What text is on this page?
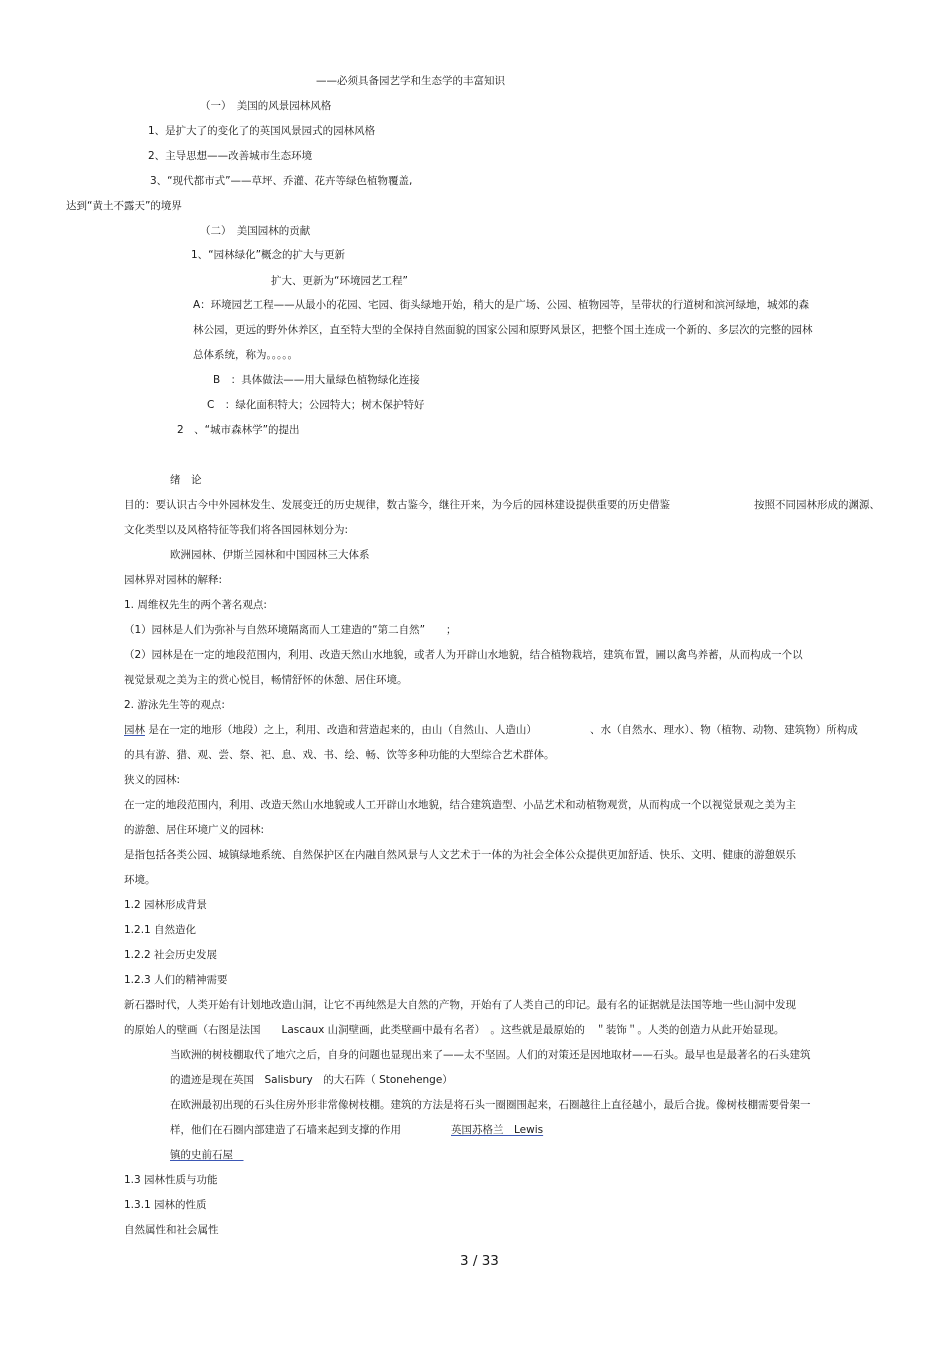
——必须具备园艺学和生态学的丰富知识
（一）　美国的风景园林风格
1、是扩大了的变化了的英国风景园式的园林风格
2、主导思想——改善城市生态环境
3、“现代都市式”——草坪、乔灌、花卉等绿色植物覆盖,
达到“黄土不露天”的境界
（二）　美国园林的贡献
1、“园林绿化”概念的扩大与更新
扩大、更新为“环境园艺工程”
A：环境园艺工程——从最小的花园、宅园、街头绿地开始，稍大的是广场、公园、植物园等，呈带状的行道树和滨河绿地，城郊的森
林公园，更远的野外休养区，直至特大型的全保持自然面貌的国家公园和原野风景区，把整个国土连成一个新的、多层次的完整的园林
总体系统，称为。。。。。
B　：具体做法——用大量绿色植物绿化连接
C　：绿化面积特大；公园特大；树木保护特好
2　、“城市森林学”的提出
绪　论
目的：要认识古今中外园林发生、发展变迁的历史规律，数古鉴今，继往开来，为今后的园林建设提供重要的历史借鉴	按照不同园林形成的渊源、
文化类型以及风格特征等我们将各国园林划分为:
欧洲园林、伊斯兰园林和中国园林三大体系
园林界对园林的解释:
1. 周维权先生的两个著名观点:
（1）园林是人们为弥补与自然环境隔离而人工建造的“第二自然”　　；
（2）园林是在一定的地段范围内，利用、改造天然山水地貌，或者人为开辟山水地貌，结合植物栽培，建筑布置，圃以禽鸟养蓄，从而构成一个以
视觉景观之美为主的赏心悦目，畅情舒怀的休憩、居住环境。
2. 游泳先生等的观点:
园林 是在一定的地形（地段）之上，利用、改造和营造起来的，由山（自然山、人造山）	、水（自然水、理水）、物（植物、动物、建筑物）所构成
的具有游、猎、观、尝、祭、祀、息、戏、书、绘、畅、饮等多种功能的大型综合艺术群体。
狭义的园林:
在一定的地段范围内，利用、改造天然山水地貌或人工开辟山水地貌，结合建筑造型、小品艺术和动植物观赏，从而构成一个以视觉景观之美为主
的游憩、居住环境广义的园林:
是指包括各类公园、城镇绿地系统、自然保护区在内融自然风景与人文艺术于一体的为社会全体公众提供更加舒适、快乐、文明、健康的游憩娱乐
环境。
1.2 园林形成背景
1.2.1 自然造化
1.2.2 社会历史发展
1.2.3 人们的精神需要
新石器时代，人类开始有计划地改造山洞，让它不再纯然是大自然的产物，开始有了人类自己的印记。最有名的证据就是法国等地一些山洞中发现
的原始人的壁画（右图是法国　　Lascaux 山洞壁画，此类壁画中最有名者）　。这些就是最原始的　＂装饰＂。人类的创造力从此开始显现。
当欧洲的树枝棚取代了地穴之后，自身的问题也显现出来了——太不坚固。人们的对策还是因地取材——石头。最早也是最著名的石头建筑
的遗迹是现在英国　Salisbury　的大石阵（ Stonehenge）
在欧洲最初出现的石头住房外形非常像树枝棚。建筑的方法是将石头一圈圈围起来，石圈越往上直径越小，最后合拢。像树枝棚需要骨架一
样，他们在石圈内部建造了石墙来起到支撑的作用	英国苏格兰　Lewis
镇的史前石屋　
1.3 园林性质与功能
1.3.1 园林的性质
自然属性和社会属性
3 / 33
